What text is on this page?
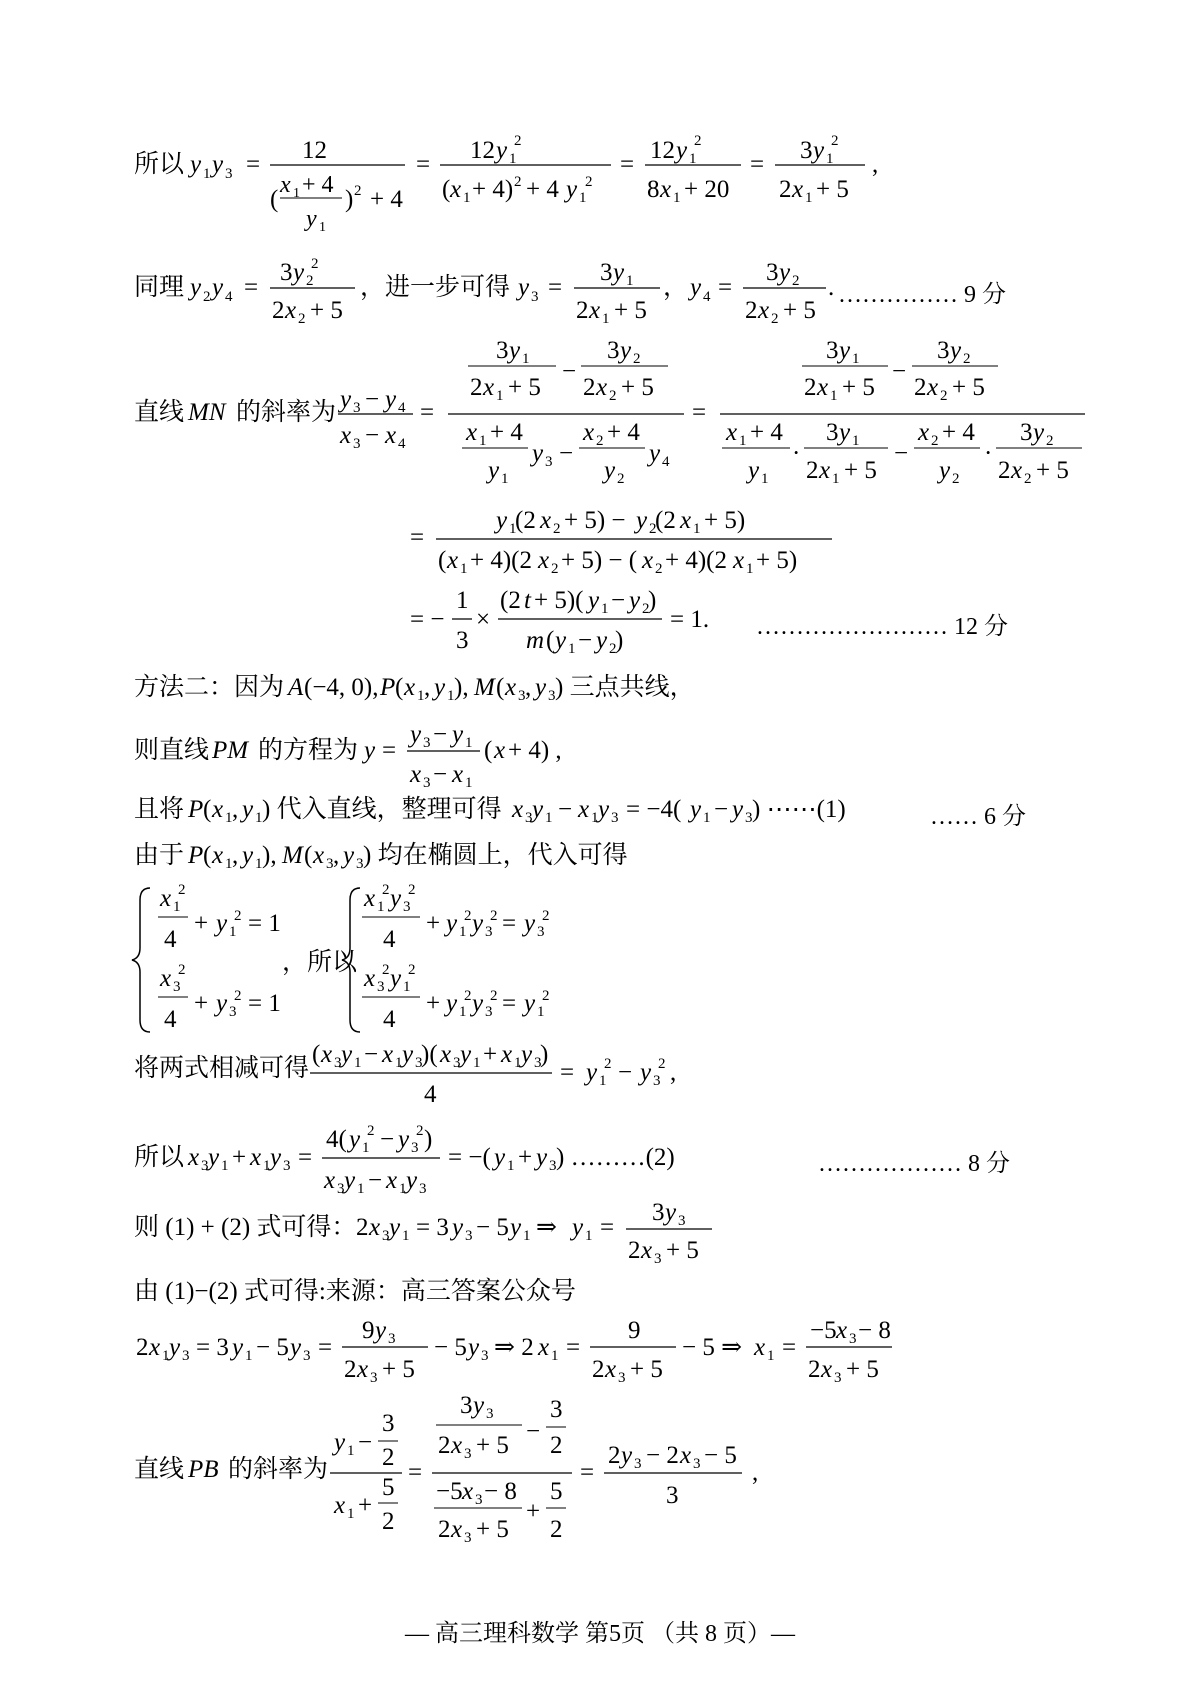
所以 y 1 y 3 =
12
(
x 1 + 4
y 1
) 2 + 4
=
12 y 1
2
( x 1 + 4) 2 + 4 y 1
2
=
12 y 1
2
8 x 1 + 20
=
3 y 1
2
2 x 1 + 5
,
同理 y 2 y 4 =
3 y 2
2
2 x 2 + 5
，进一步可得 y 3 =
3 y 1
2 x 1 + 5
， y 4 =
3 y 2
2 x 2 + 5
. …………… 9 分
直线 MN 的斜率为 y 3 − y 4
x 3 − x 4
=
3 y 1
2 x 1 + 5
−
3 y 2
2 x 2 + 5
x 1 + 4
y 1
y 3 −
x 2 + 4
y 2
y 4
=
3 y 1
2 x 1 + 5
−
3 y 2
2 x 2 + 5
x 1 + 4
y 1
·
3 y 1
2 x 1 + 5
−
x 2 + 4
y 2
·
3 y 2
2 x 2 + 5
=
y 1
(2 x 2 + 5) − y 2
(2 x 1 + 5)
( x 1 + 4)(2 x 2 + 5) − ( x 2 + 4)(2 x 1 + 5)
= −
1
3
×
(2 t + 5)( y 1 − y 2
)
m ( y 1 − y 2
)
= 1. …………………… 12 分
方法二：因为 A (−4, 0), P ( x 1 , y 1 ), M ( x 3 , y 3 ) 三点共线，
则直线 PM 的方程为 y =
y 3 − y 1
x 3 − x 1
( x + 4) ,
且将 P ( x 1 , y 1 ) 代入直线，整理可得 x 3 y 1 − x 1 y 3 = −4( y 1 − y 3 ) ⋯⋯(1)	…… 6 分
由于 P ( x 1 , y 1 ), M ( x 3 , y 3 ) 均在椭圆上，代入可得
x 1
2
4
+ y 1
2 = 1
x 3
2
4
+ y 3
2 = 1
，所以
x 1
2 y 3
2
4
+ y 1
2 y 3
2 = y 3
2
x 3
2 y 1
2
4
+ y 1
2 y 3
2 = y 1
2
将两式相减可得
( x 3 y 1 − x 1 y 3
)( x 3 y 1 + x 1 y 3
)
4
= y 1
2 − y 3
2 ,
所以 x 3 y 1 + x 1 y 3 =
4( y 1
2 − y 3
2 )
x 3 y 1 − x 1 y 3
= −( y 1 + y 3 ) ………(2)	……………… 8 分
则 (1) + (2) 式可得： 2 x 3 y 1 = 3 y 3 − 5 y 1 ⇒ y 1 =
3 y 3
2 x 3 + 5
由 (1)−(2) 式可得:来源：高三答案公众号
2 x 1 y 3 = 3 y 1 − 5 y 3 =
9 y 3
2 x 3 + 5
− 5 y 3 ⇒ 2 x 1 =
9
2 x 3 + 5
− 5 ⇒ x 1 =
−5 x 3 − 8
2 x 3 + 5
直线 PB 的斜率为
y 1 −
3
2
x 1 +
5
2
=
3 y 3
2 x 3 + 5
−
3
2
−5 x 3 − 8
2 x 3 + 5
+
5
2
=
2 y 3 − 2 x 3 − 5
3
,
— 高三理科数学 第5页 （共 8 页）—
